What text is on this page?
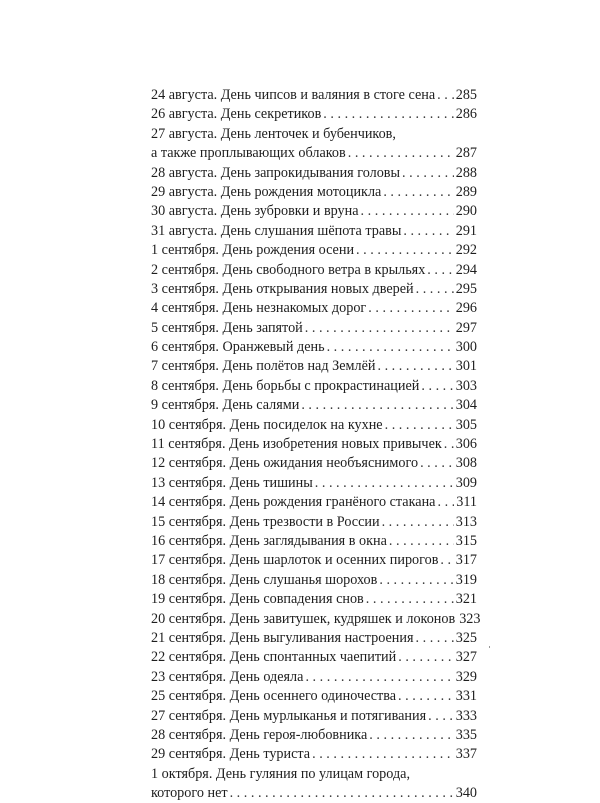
24 августа. День чипсов и валяния в стоге сена . . . 285
26 августа. День секретиков . . .	286
27 августа. День ленточек и бубенчиков,
а также проплывающих облаков . . .	287
28 августа. День запрокидывания головы . . .	288
29 августа. День рождения мотоцикла . . .	289
30 августа. День зубровки и вруна . . .	290
31 августа. День слушания шёпота травы . . .	291
1 сентября. День рождения осени . . .	292
2 сентября. День свободного ветра в крыльях . . . 294
3 сентября. День открывания новых дверей . . .	295
4 сентября. День незнакомых дорог . . .	296
5 сентября. День запятой . . .	297
6 сентября. Оранжевый день . . .	300
7 сентября. День полётов над Землёй . . .	301
8 сентября. День борьбы с прокрастинацией . . .	303
9 сентября. День салями . . .	304
10 сентября. День посиделок на кухне . . .	305
11 сентября. День изобретения новых привычек . . . 306
12 сентября. День ожидания необъяснимого . . .	308
13 сентября. День тишины . . .	309
14 сентября. День рождения гранёного стакана . . . 311
15 сентября. День трезвости в России . . .	313
16 сентября. День заглядывания в окна . . .	315
17 сентября. День шарлоток и осенних пирогов . . . 317
18 сентября. День слушанья шорохов . . .	319
19 сентября. День совпадения снов . . .	321
20 сентября. День завитушек, кудряшек и локонов 323
21 сентября. День выгуливания настроения . . .	325
22 сентября. День спонтанных чаепитий . . .	327
23 сентября. День одеяла . . .	329
25 сентября. День осеннего одиночества . . .	331
27 сентября. День мурлыканья и потягивания . . . 333
28 сентября. День героя-любовника . . .	335
29 сентября. День туриста . . .	337
1 октября. День гуляния по улицам города,
которого нет . . .	340
